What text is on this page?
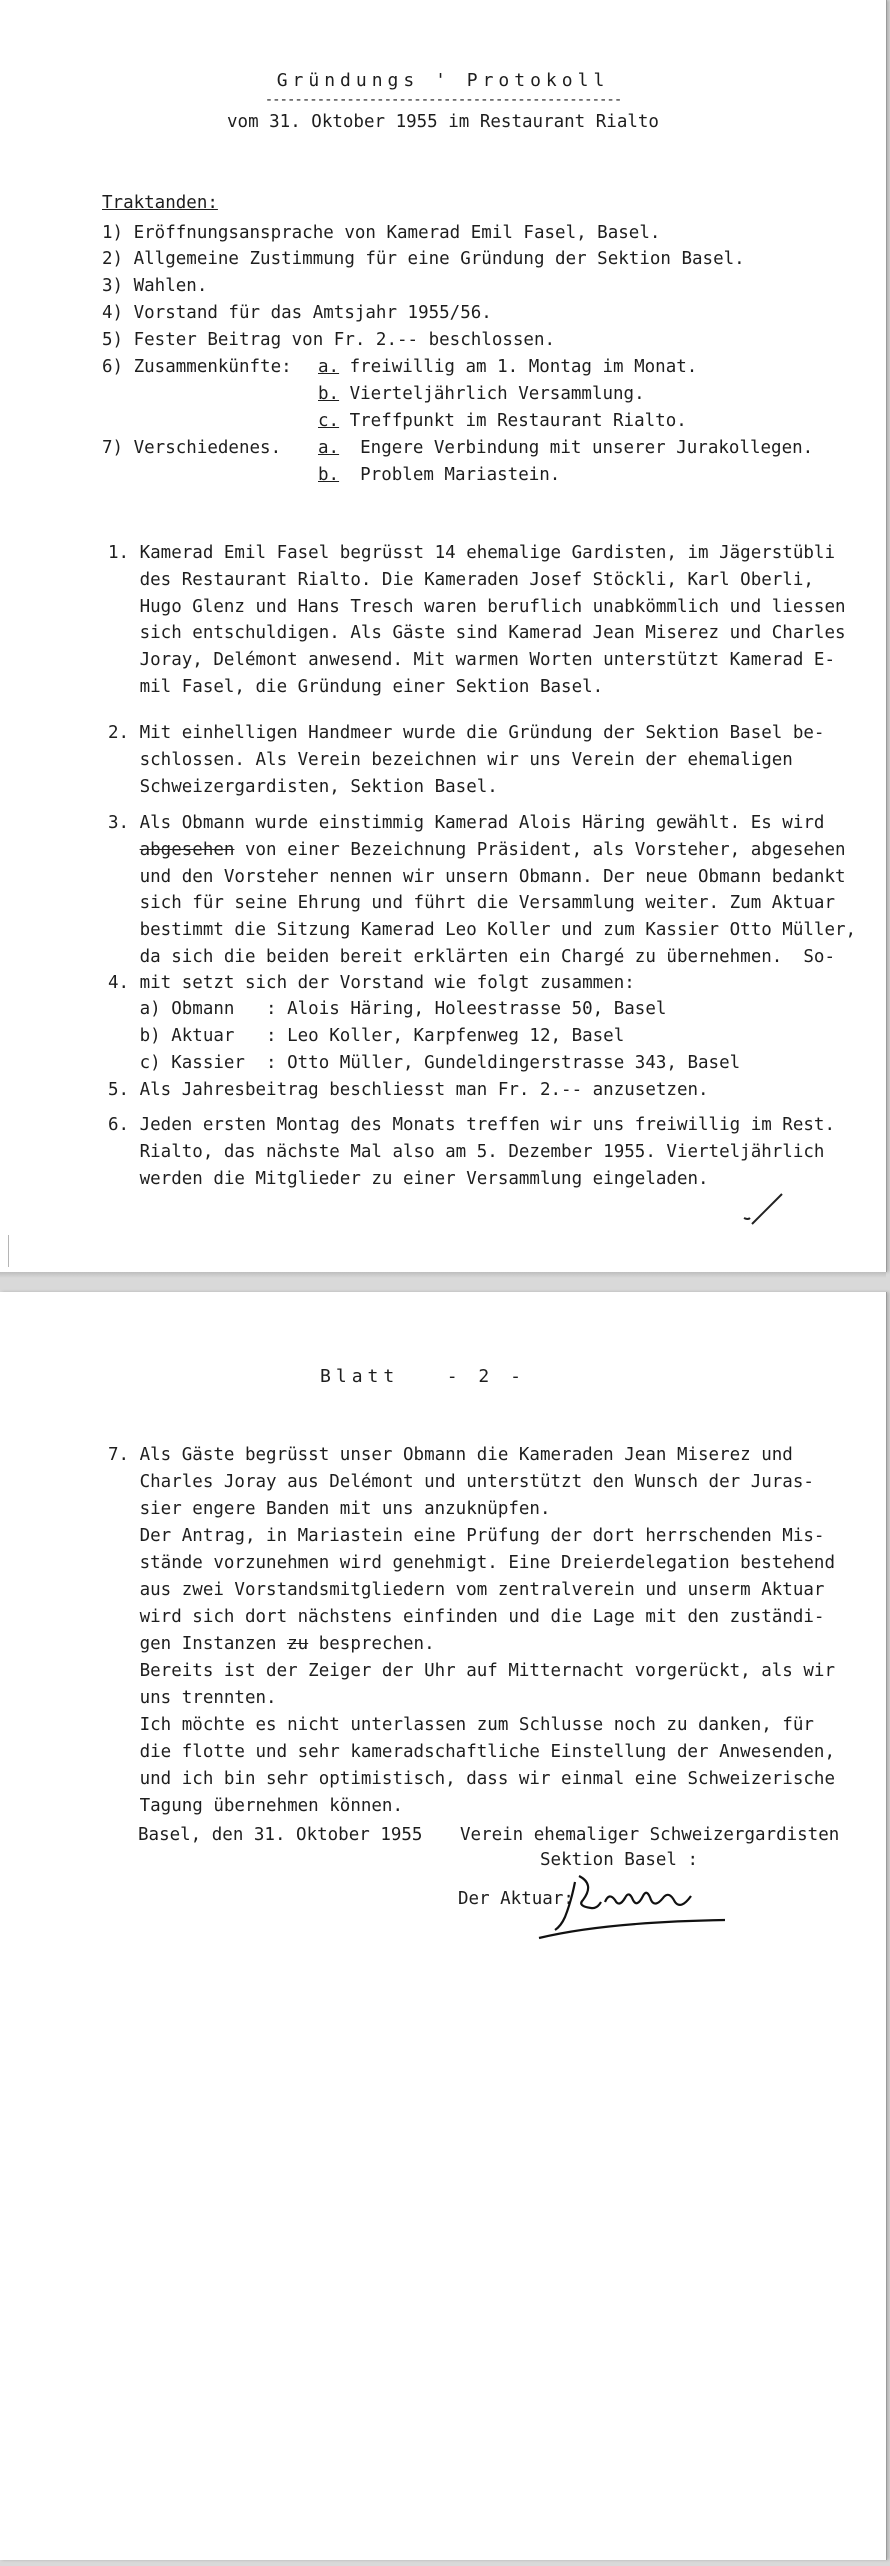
Gründungs ' Protokoll
------------------------------------------------
vom 31. Oktober 1955 im Restaurant Rialto
Traktanden:
1) Eröffnungsansprache von Kamerad Emil Fasel, Basel.
2) Allgemeine Zustimmung für eine Gründung der Sektion Basel.
3) Wahlen.
4) Vorstand für das Amtsjahr 1955/56.
5) Fester Beitrag von Fr. 2.-- beschlossen.
6) Zusammenkünfte: a. freiwillig am 1. Montag im Monat.
b. Vierteljährlich Versammlung.
c. Treffpunkt im Restaurant Rialto.
7) Verschiedenes. a.  Engere Verbindung mit unserer Jurakollegen.
b.  Problem Mariastein.
1. Kamerad Emil Fasel begrüsst 14 ehemalige Gardisten, im Jägerstübli
des Restaurant Rialto. Die Kameraden Josef Stöckli, Karl Oberli,
Hugo Glenz und Hans Tresch waren beruflich unabkömmlich und liessen
sich entschuldigen. Als Gäste sind Kamerad Jean Miserez und Charles
Joray, Delémont anwesend. Mit warmen Worten unterstützt Kamerad E-
mil Fasel, die Gründung einer Sektion Basel.
2. Mit einhelligen Handmeer wurde die Gründung der Sektion Basel be-
schlossen. Als Verein bezeichnen wir uns Verein der ehemaligen
Schweizergardisten, Sektion Basel.
3. Als Obmann wurde einstimmig Kamerad Alois Häring gewählt. Es wird
abgesehen von einer Bezeichnung Präsident, als Vorsteher, abgesehen
und den Vorsteher nennen wir unsern Obmann. Der neue Obmann bedankt
sich für seine Ehrung und führt die Versammlung weiter. Zum Aktuar
bestimmt die Sitzung Kamerad Leo Koller und zum Kassier Otto Müller,
da sich die beiden bereit erklärten ein Chargé zu übernehmen.  So-
4. mit setzt sich der Vorstand wie folgt zusammen:
a) Obmann   : Alois Häring, Holeestrasse 50, Basel
b) Aktuar   : Leo Koller, Karpfenweg 12, Basel
c) Kassier  : Otto Müller, Gundeldingerstrasse 343, Basel
5. Als Jahresbeitrag beschliesst man Fr. 2.-- anzusetzen.
6. Jeden ersten Montag des Monats treffen wir uns freiwillig im Rest.
Rialto, das nächste Mal also am 5. Dezember 1955. Vierteljährlich
werden die Mitglieder zu einer Versammlung eingeladen.
Blatt   - 2 -
7. Als Gäste begrüsst unser Obmann die Kameraden Jean Miserez und
Charles Joray aus Delémont und unterstützt den Wunsch der Juras-
sier engere Banden mit uns anzuknüpfen.
Der Antrag, in Mariastein eine Prüfung der dort herrschenden Mis-
stände vorzunehmen wird genehmigt. Eine Dreierdelegation bestehend
aus zwei Vorstandsmitgliedern vom zentralverein und unserm Aktuar
wird sich dort nächstens einfinden und die Lage mit den zuständi-
gen Instanzen zu besprechen.
Bereits ist der Zeiger der Uhr auf Mitternacht vorgerückt, als wir
uns trennten.
Ich möchte es nicht unterlassen zum Schlusse noch zu danken, für
die flotte und sehr kameradschaftliche Einstellung der Anwesenden,
und ich bin sehr optimistisch, dass wir einmal eine Schweizerische
Tagung übernehmen können.
Basel, den 31. Oktober 1955 Verein ehemaliger Schweizergardisten
Sektion Basel :
Der Aktuar:
